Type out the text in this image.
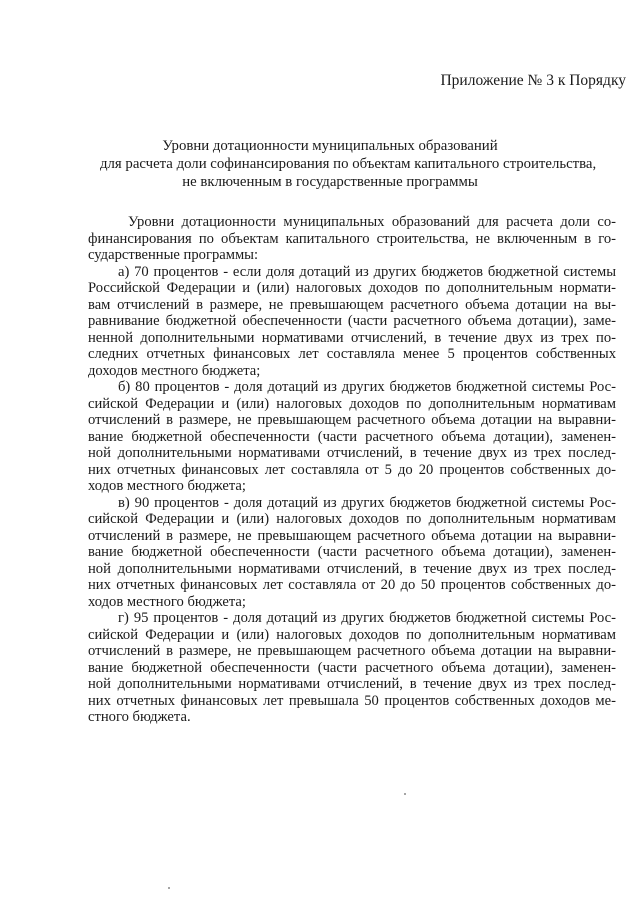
Приложение № 3 к Порядку
Уровни дотационности муниципальных образований
для расчета доли софинансирования по объектам капитального строительства,
не включенным в государственные программы

Уровни дотационности муниципальных образований для расчета доли со-
финансирования по объектам капитального строительства, не включенным в го-
сударственные программы:

а) 70 процентов - если доля дотаций из других бюджетов бюджетной системы
Российской Федерации и (или) налоговых доходов по дополнительным нормати-
вам отчислений в размере, не превышающем расчетного объема дотации на вы-
равнивание бюджетной обеспеченности (части расчетного объема дотации), заме-
ненной дополнительными нормативами отчислений, в течение двух из трех по-
следних отчетных финансовых лет составляла менее 5 процентов собственных
доходов местного бюджета;

б) 80 процентов - доля дотаций из других бюджетов бюджетной системы Рос-
сийской Федерации и (или) налоговых доходов по дополнительным нормативам
отчислений в размере, не превышающем расчетного объема дотации на выравни-
вание бюджетной обеспеченности (части расчетного объема дотации), заменен-
ной дополнительными нормативами отчислений, в течение двух из трех послед-
них отчетных финансовых лет составляла от 5 до 20 процентов собственных до-
ходов местного бюджета;

в) 90 процентов - доля дотаций из других бюджетов бюджетной системы Рос-
сийской Федерации и (или) налоговых доходов по дополнительным нормативам
отчислений в размере, не превышающем расчетного объема дотации на выравни-
вание бюджетной обеспеченности (части расчетного объема дотации), заменен-
ной дополнительными нормативами отчислений, в течение двух из трех послед-
них отчетных финансовых лет составляла от 20 до 50 процентов собственных до-
ходов местного бюджета;

г) 95 процентов - доля дотаций из других бюджетов бюджетной системы Рос-
сийской Федерации и (или) налоговых доходов по дополнительным нормативам
отчислений в размере, не превышающем расчетного объема дотации на выравни-
вание бюджетной обеспеченности (части расчетного объема дотации), заменен-
ной дополнительными нормативами отчислений, в течение двух из трех послед-
них отчетных финансовых лет превышала 50 процентов собственных доходов ме-
стного бюджета.
